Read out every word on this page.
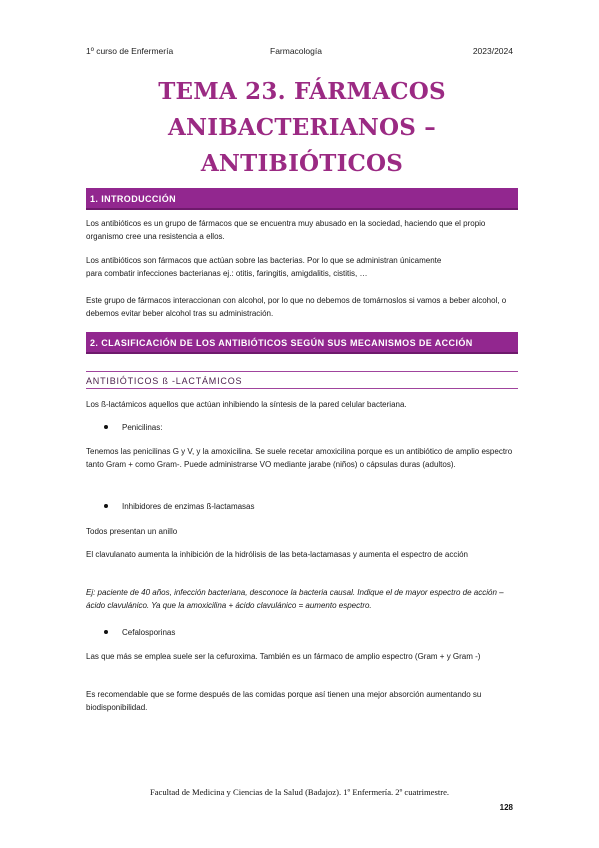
1º curso de Enfermería	Farmacología	2023/2024
TEMA 23. FÁRMACOS
ANIBACTERIANOS –
ANTIBIÓTICOS
1. INTRODUCCIÓN

Los antibióticos es un grupo de fármacos que se encuentra muy abusado en la sociedad, haciendo que el propio organismo cree una resistencia a ellos.

Los antibióticos son fármacos que actúan sobre las bacterias. Por lo que se administran únicamente

para combatir infecciones bacterianas ej.: otitis, faringitis, amigdalitis, cistitis, …

Este grupo de fármacos interaccionan con alcohol, por lo que no debemos de tomárnoslos si vamos a beber alcohol, o debemos evitar beber alcohol tras su administración.

2. CLASIFICACIÓN DE LOS ANTIBIÓTICOS SEGÚN SUS MECANISMOS DE ACCIÓN
ANTIBIÓTICOS ß -LACTÁMICOS

Los ß-lactámicos aquellos que actúan inhibiendo la síntesis de la pared celular bacteriana.

Penicilinas:

Tenemos las penicilinas G y V, y la amoxicilina. Se suele recetar amoxicilina porque es un antibiótico de amplio espectro tanto Gram + como Gram-. Puede administrarse VO mediante jarabe (niños) o cápsulas duras (adultos).

Inhibidores de enzimas ß-lactamasas

Todos presentan un anillo

El clavulanato aumenta la inhibición de la hidrólisis de las beta-lactamasas y aumenta el espectro de acción

Ej: paciente de 40 años, infección bacteriana, desconoce la bacteria causal. Indique el de mayor espectro de acción – ácido clavulánico. Ya que la amoxicilina + ácido clavulánico = aumento espectro.

Cefalosporinas

Las que más se emplea suele ser la cefuroxima. También es un fármaco de amplio espectro (Gram + y Gram -)

Es recomendable que se forme después de las comidas porque así tienen una mejor absorción aumentando su biodisponibilidad.

Facultad de Medicina y Ciencias de la Salud (Badajoz). 1º Enfermería. 2º cuatrimestre.
128
